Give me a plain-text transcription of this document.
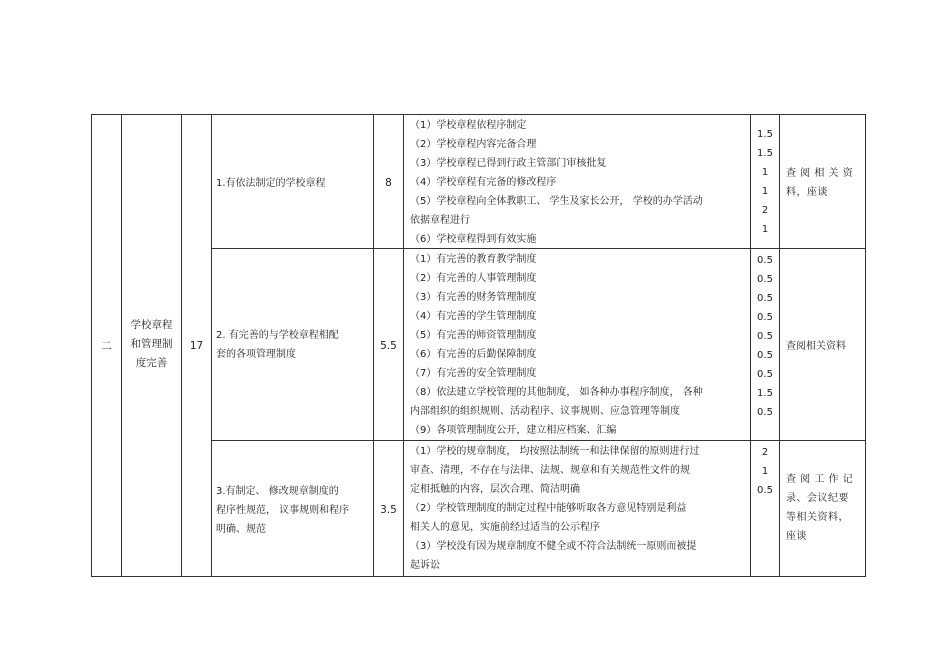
二
学校章程
和管理制
度完善
17
1.有依法制定的学校章程	8
（1）学校章程依程序制定
（2）学校章程内容完备合理
（3）学校章程已得到行政主管部门审核批复
（4）学校章程有完备的修改程序
（5）学校章程向全体教职工、 学生及家长公开， 学校的办学活动
依据章程进行
（6）学校章程得到有效实施
1.5
1.5
1
1
2
1
查 阅 相 关 资
料，座谈
2. 有完善的与学校章程相配
套的各项管理制度
5.5
（1）有完善的教育教学制度
（2）有完善的人事管理制度
（3）有完善的财务管理制度
（4）有完善的学生管理制度
（5）有完善的师资管理制度
（6）有完善的后勤保障制度
（7）有完善的安全管理制度
（8）依法建立学校管理的其他制度， 如各种办事程序制度， 各种
内部组织的组织规则、活动程序、议事规则、应急管理等制度
（9）各项管理制度公开，建立相应档案、汇编
0.5
0.5
0.5
0.5
0.5
0.5
0.5
1.5
0.5
查阅相关资料
3.有制定、 修改规章制度的
程序性规范， 议事规则和程序
明确、规范
3.5
（1）学校的规章制度， 均按照法制统一和法律保留的原则进行过
审查、清理，不存在与法律、法规、规章和有关规范性文件的规
定相抵触的内容，层次合理、简洁明确
（2）学校管理制度的制定过程中能够听取各方意见特别是利益
相关人的意见，实施前经过适当的公示程序
（3）学校没有因为规章制度不健全或不符合法制统一原则而被提
起诉讼
2
1
0.5
查 阅 工 作 记
录、会议纪要
等相关资料，
座谈
